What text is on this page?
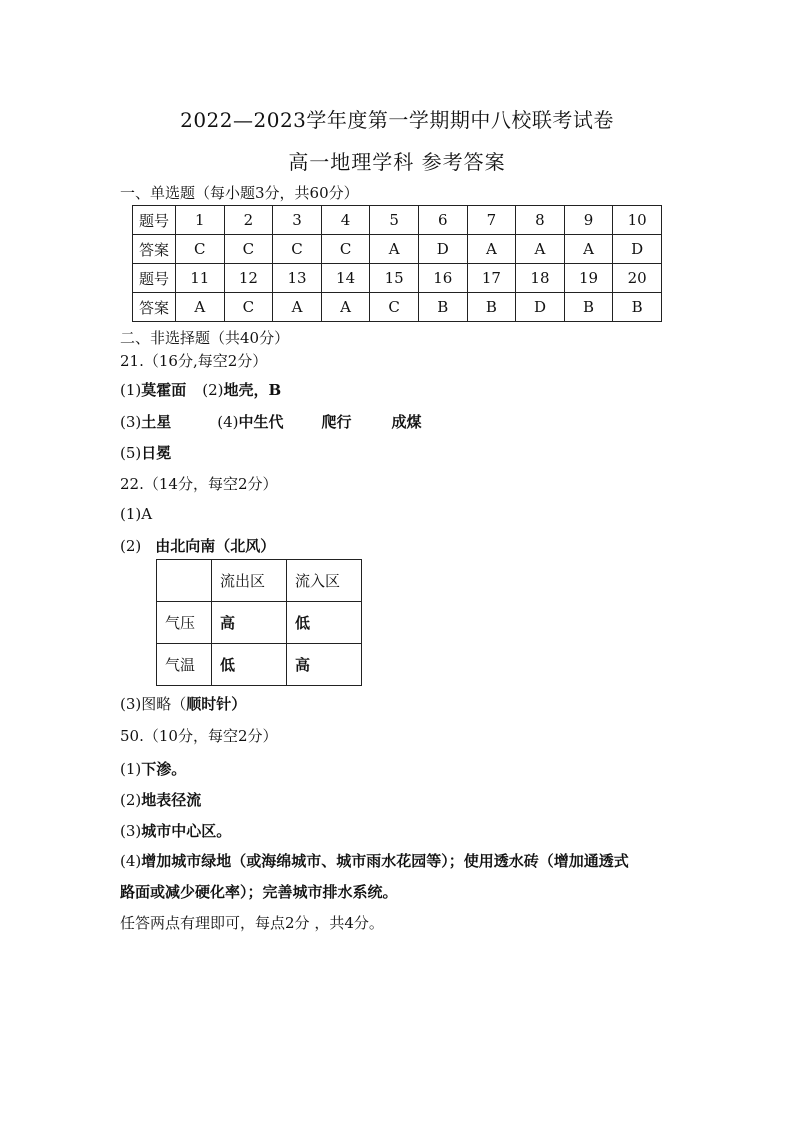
2022—2023学年度第一学期期中八校联考试卷
高一地理学科 参考答案
一、单选题（每小题3分，共60分）
题号	1	2	3	4	5	6	7	8	9	10
答案	C	C	C	C	A	D	A	A	A	D
题号	11	12	13	14	15	16	17	18	19	20
答案	A	C	A	A	C	B	B	D	B	B
二、非选择题（共40分）
21.（16分,每空2分）
(1)莫霍面 (2)地壳，B
(3)土星	(4)中生代	爬行	成煤
(5)日冕
22.（14分，每空2分）
(1)A
(2) 由北向南（北风）
	流出区	流入区
气压	高	低
气温	低	高
(3)图略（顺时针）
50.（10分，每空2分）
(1)下渗。
(2)地表径流
(3)城市中心区。
(4)增加城市绿地（或海绵城市、城市雨水花园等）；使用透水砖（增加通透式
路面或减少硬化率）；完善城市排水系统。
任答两点有理即可，每点2分 ，共4分。
